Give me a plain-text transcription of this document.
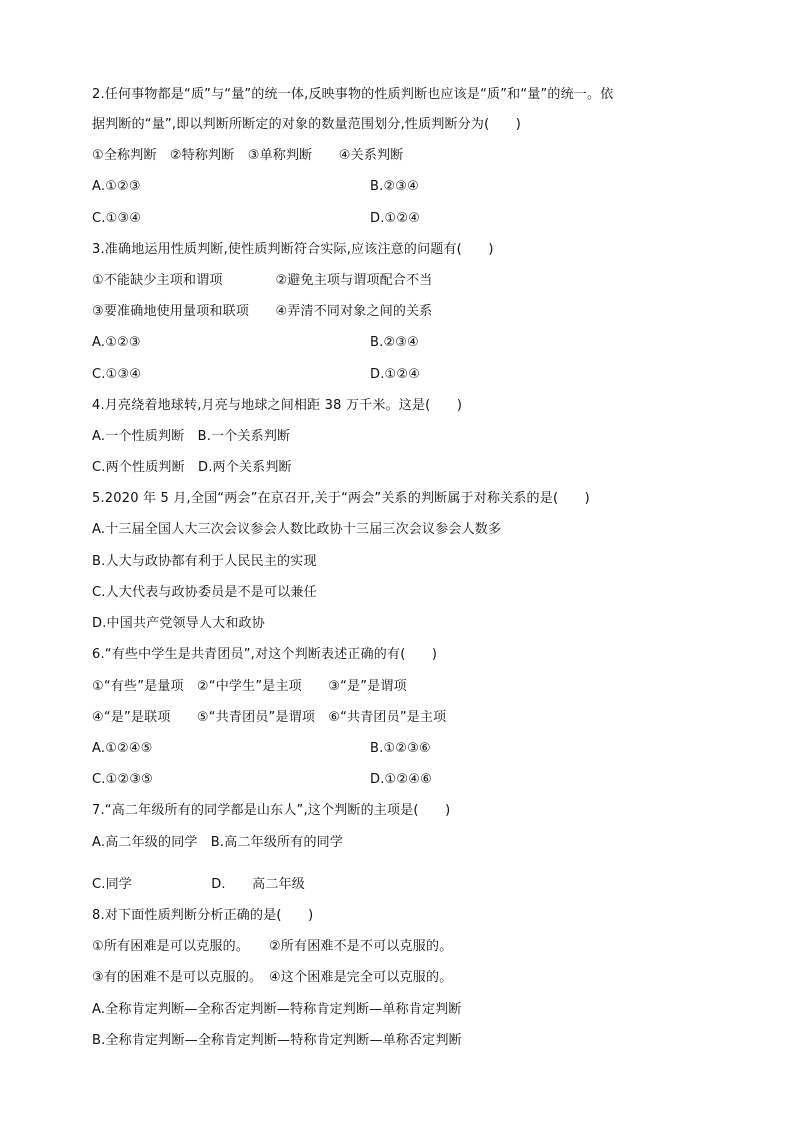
2.任何事物都是“质”与“量”的统一体,反映事物的性质判断也应该是“质”和“量”的统一。依
据判断的“量”,即以判断所断定的对象的数量范围划分,性质判断分为(　　)
①全称判断　②特称判断　③单称判断　　④关系判断
A.①②③	B.②③④
C.①③④	D.①②④
3.准确地运用性质判断,使性质判断符合实际,应该注意的问题有(　　)
①不能缺少主项和谓项　　　　②避免主项与谓项配合不当
③要准确地使用量项和联项　　④弄清不同对象之间的关系
A.①②③	B.②③④
C.①③④	D.①②④
4.月亮绕着地球转,月亮与地球之间相距 38 万千米。这是(　　)
A.一个性质判断　B.一个关系判断
C.两个性质判断　D.两个关系判断
5.2020 年 5 月,全国“两会”在京召开,关于“两会”关系的判断属于对称关系的是(　　)
A.十三届全国人大三次会议参会人数比政协十三届三次会议参会人数多
B.人大与政协都有利于人民民主的实现
C.人大代表与政协委员是不是可以兼任
D.中国共产党领导人大和政协
6.“有些中学生是共青团员”,对这个判断表述正确的有(　　)
①“有些”是量项　②“中学生”是主项　　③“是”是谓项
④“是”是联项　　⑤“共青团员”是谓项　⑥“共青团员”是主项
A.①②④⑤	B.①②③⑥
C.①②③⑤	D.①②④⑥
7.“高二年级所有的同学都是山东人”,这个判断的主项是(　　)
A.高二年级的同学　B.高二年级所有的同学
C.同学　　　　　　D.　　高二年级
8.对下面性质判断分析正确的是(　　)
①所有困难是可以克服的。　　②所有困难不是不可以克服的。
③有的困难不是可以克服的。　④这个困难是完全可以克服的。
A.全称肯定判断—全称否定判断—特称肯定判断—单称肯定判断
B.全称肯定判断—全称肯定判断—特称肯定判断—单称否定判断
